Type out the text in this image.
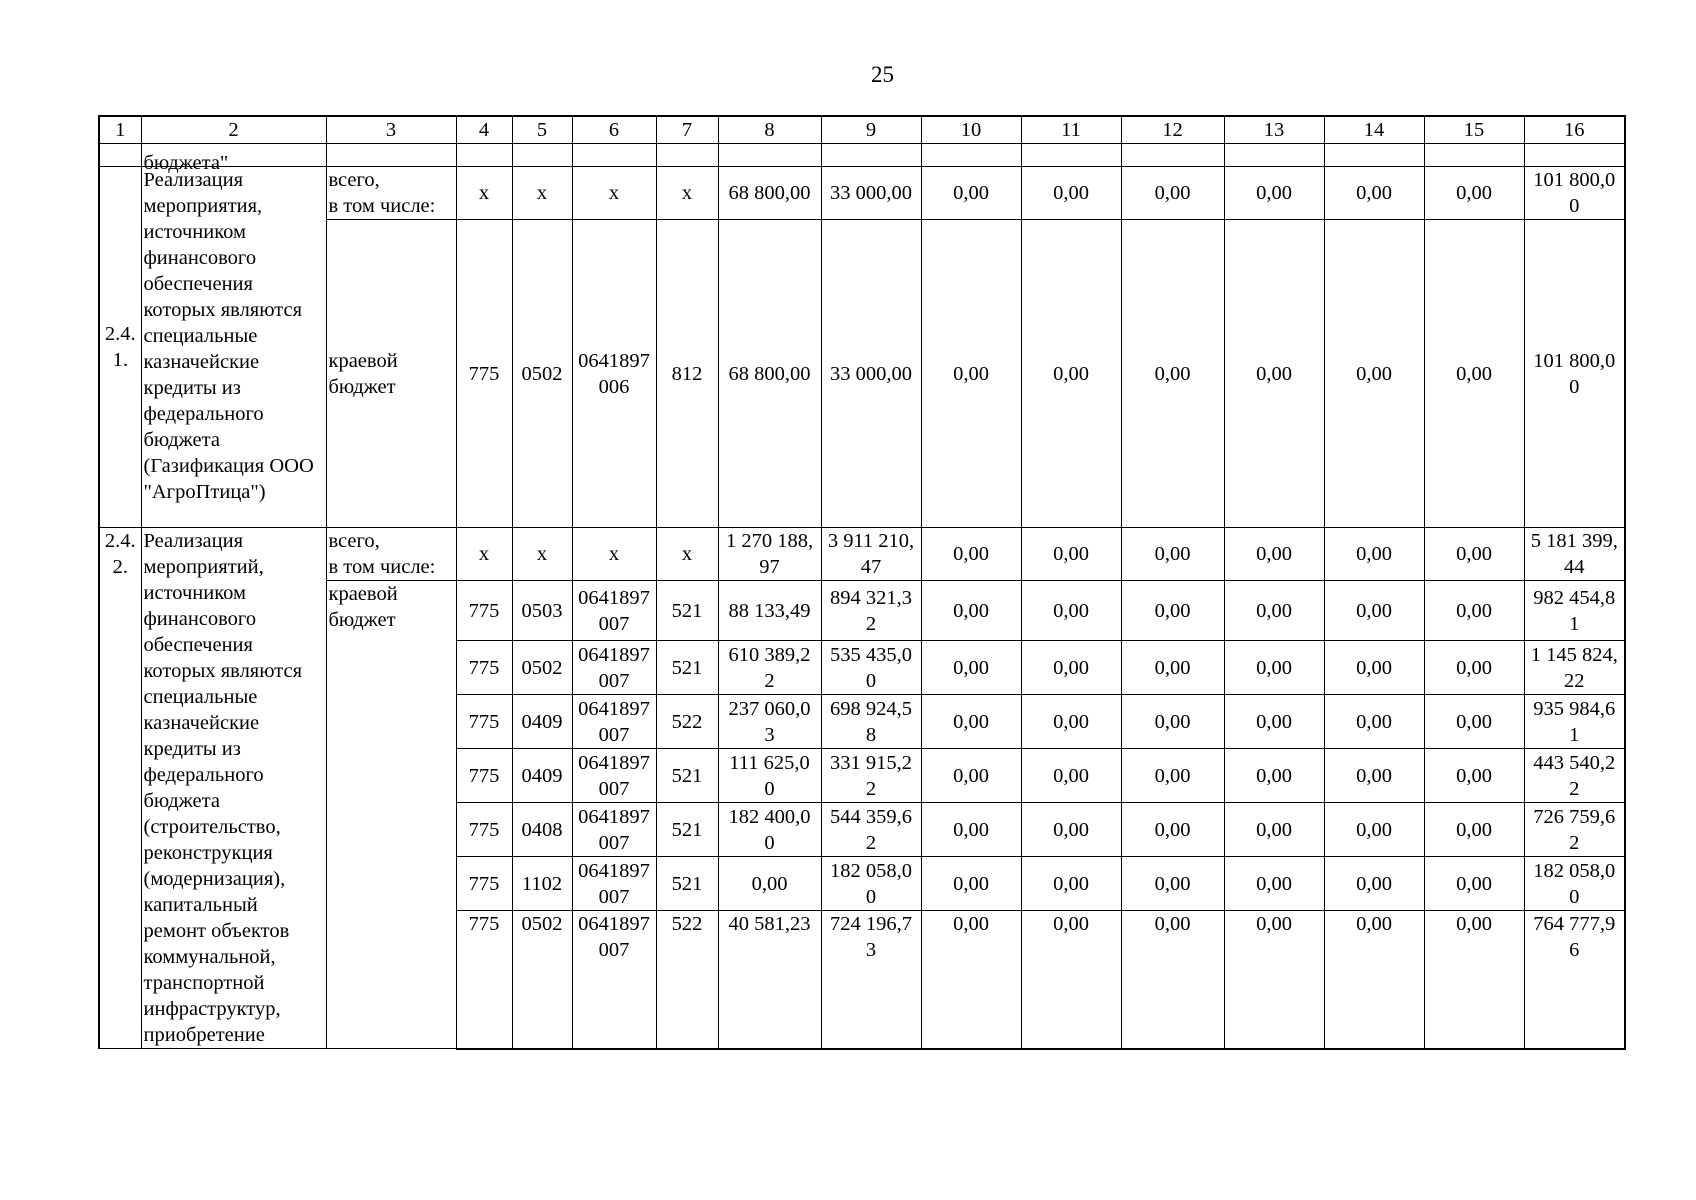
25
1	2	3	4	5	6	7	8	9	10	11	12	13	14	15	16

2.4.
1.	бюджета"
Реализация мероприятия, источником финансового обеспечения которых являются специальные казначейские кредиты из федерального бюджета (Газификация ООО "АгроПтица")	всего,
в том числе:	х	х	х	х	68 800,00	33 000,00	0,00	0,00	0,00	0,00	0,00	0,00	101 800,0
0
		краевой
бюджет	775	0502	0641897
006	812	68 800,00	33 000,00	0,00	0,00	0,00	0,00	0,00	0,00	101 800,0
0
2.4.
2.	Реализация мероприятий, источником финансового обеспечения которых являются специальные казначейские кредиты из федерального бюджета (строительство, реконструкция (модернизация), капитальный ремонт объектов коммунальной, транспортной инфраструктур, приобретение	всего,
в том числе:	х	х	х	х	1 270 188,
97	3 911 210,
47	0,00	0,00	0,00	0,00	0,00	0,00	5 181 399,
44
		краевой
бюджет	775	0503	0641897
007	521	88 133,49	894 321,3
2	0,00	0,00	0,00	0,00	0,00	0,00	982 454,8
1
			775	0502	0641897
007	521	610 389,2
2	535 435,0
0	0,00	0,00	0,00	0,00	0,00	0,00	1 145 824,
22
			775	0409	0641897
007	522	237 060,0
3	698 924,5
8	0,00	0,00	0,00	0,00	0,00	0,00	935 984,6
1
			775	0409	0641897
007	521	111 625,0
0	331 915,2
2	0,00	0,00	0,00	0,00	0,00	0,00	443 540,2
2
			775	0408	0641897
007	521	182 400,0
0	544 359,6
2	0,00	0,00	0,00	0,00	0,00	0,00	726 759,6
2
			775	1102	0641897
007	521	0,00	182 058,0
0	0,00	0,00	0,00	0,00	0,00	0,00	182 058,0
0
			775	0502	0641897
007	522	40 581,23	724 196,7
3	0,00	0,00	0,00	0,00	0,00	0,00	764 777,9
6
